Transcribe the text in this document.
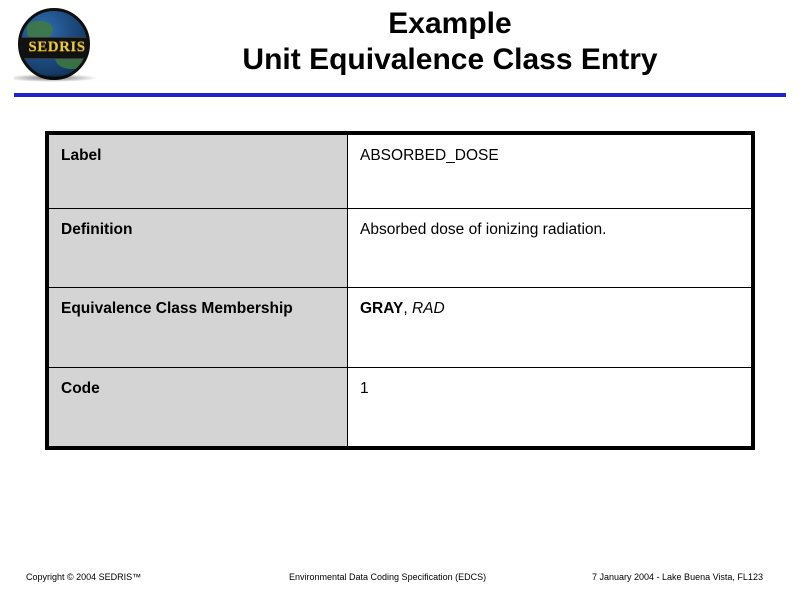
SEDRIS
Example
Unit Equivalence Class Entry
Label	ABSORBED_DOSE
Definition	Absorbed dose of ionizing radiation.
Equivalence Class Membership	GRAY, RAD
Code	1
Copyright © 2004 SEDRIS™	Environmental Data Coding Specification (EDCS)	7 January 2004 - Lake Buena Vista, FL 123
